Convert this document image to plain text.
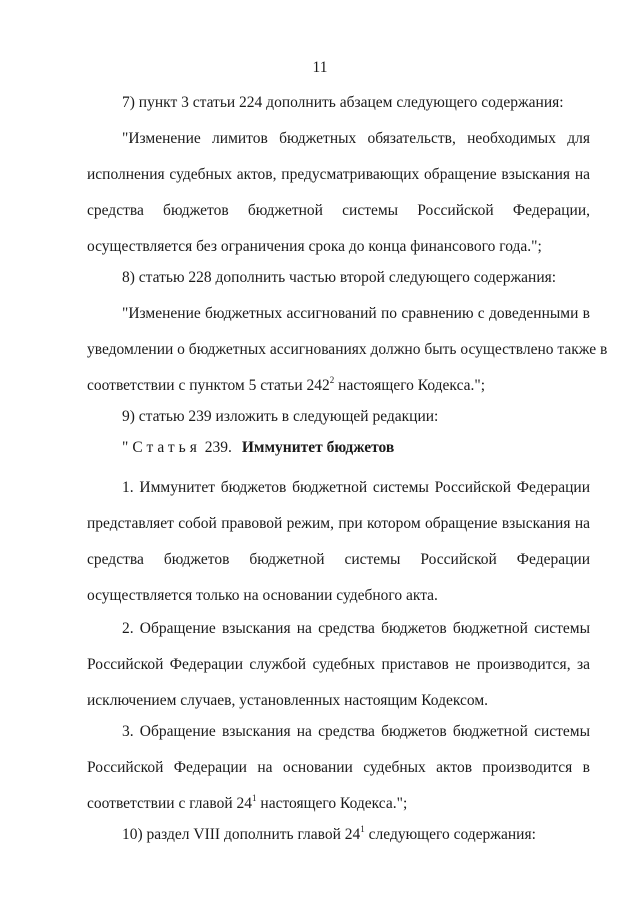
11
7) пункт 3 статьи 224 дополнить абзацем следующего содержания:
"Изменение лимитов бюджетных обязательств, необходимых для
исполнения судебных актов, предусматривающих обращение взыскания на
средства бюджетов бюджетной системы Российской Федерации,
осуществляется без ограничения срока до конца финансового года.";
8) статью 228 дополнить частью второй следующего содержания:
"Изменение бюджетных ассигнований по сравнению с доведенными в
уведомлении о бюджетных ассигнованиях должно быть осуществлено также в
соответствии с пунктом 5 статьи $242^2$ настоящего Кодекса.";
9) статью 239 изложить в следующей редакции:
"Статья 239. Иммунитет бюджетов
1. Иммунитет бюджетов бюджетной системы Российской Федерации
представляет собой правовой режим, при котором обращение взыскания на
средства бюджетов бюджетной системы Российской Федерации
осуществляется только на основании судебного акта.
2. Обращение взыскания на средства бюджетов бюджетной системы
Российской Федерации службой судебных приставов не производится, за
исключением случаев, установленных настоящим Кодексом.
3. Обращение взыскания на средства бюджетов бюджетной системы
Российской Федерации на основании судебных актов производится в
соответствии с главой $24^1$ настоящего Кодекса.";
10) раздел VIII дополнить главой $24^1$ следующего содержания:
